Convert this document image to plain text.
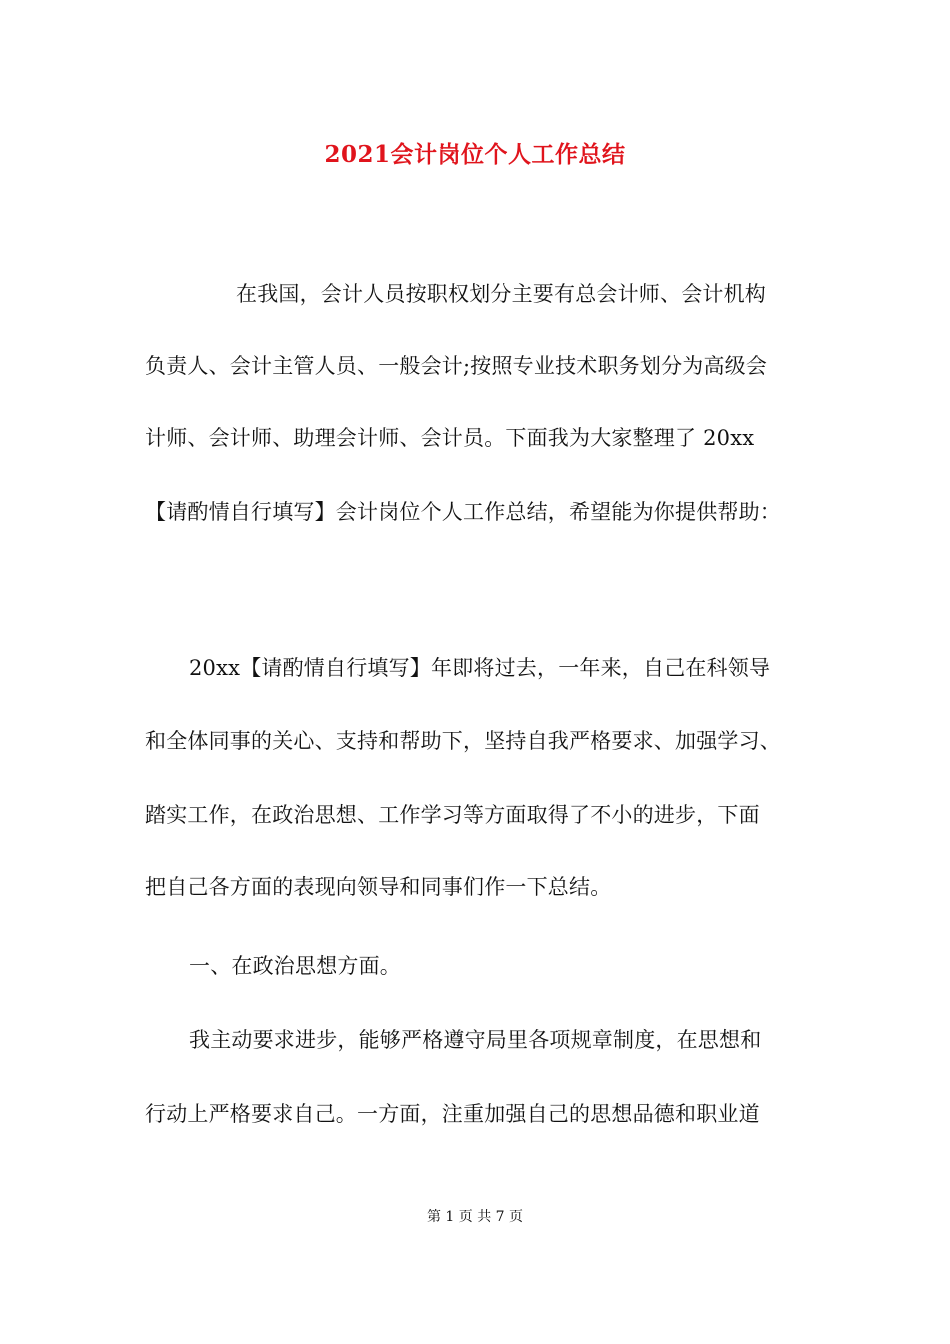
2021会计岗位个人工作总结
在我国，会计人员按职权划分主要有总会计师、会计机构
负责人、会计主管人员、一般会计;按照专业技术职务划分为高级会
计师、会计师、助理会计师、会计员。下面我为大家整理了 20xx
【请酌情自行填写】会计岗位个人工作总结，希望能为你提供帮助：
20xx【请酌情自行填写】年即将过去，一年来，自己在科领导
和全体同事的关心、支持和帮助下，坚持自我严格要求、加强学习、
踏实工作，在政治思想、工作学习等方面取得了不小的进步，下面
把自己各方面的表现向领导和同事们作一下总结。
一、在政治思想方面。
我主动要求进步，能够严格遵守局里各项规章制度，在思想和
行动上严格要求自己。一方面，注重加强自己的思想品德和职业道
第 1 页 共 7 页
